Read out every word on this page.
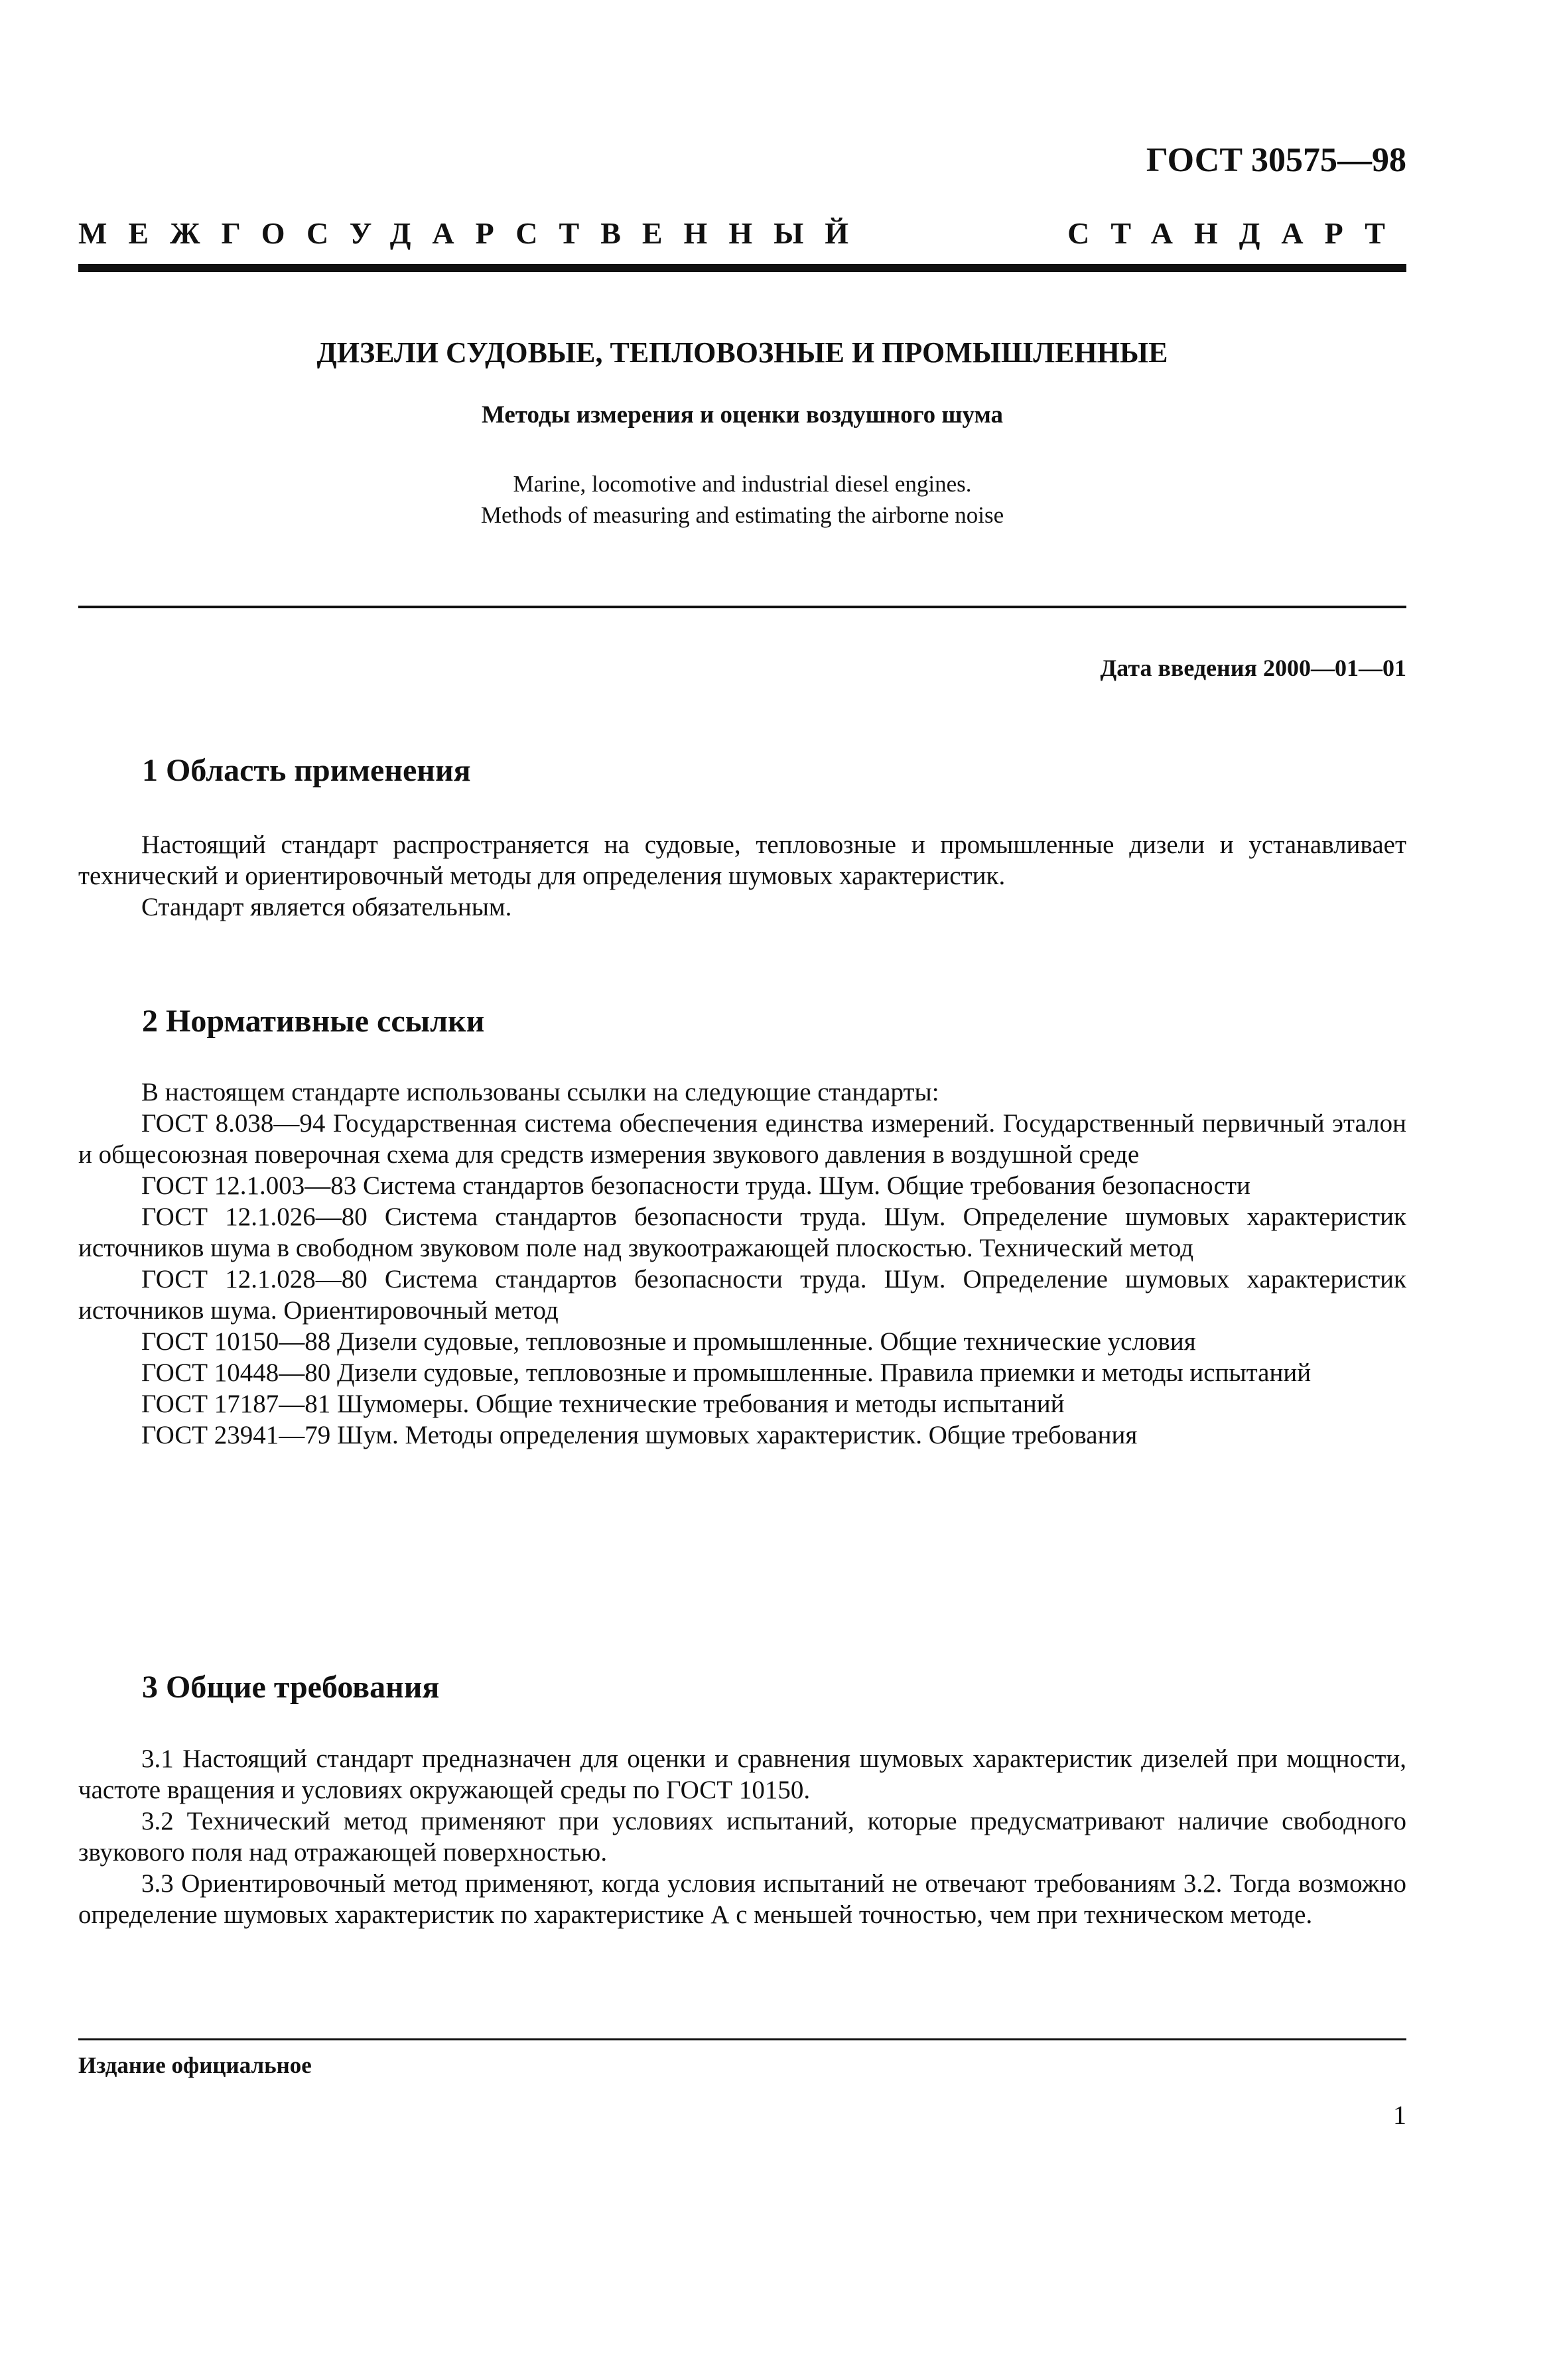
ГОСТ 30575—98
МЕЖГОСУДАРСТВЕННЫЙ	СТАНДАРТ
ДИЗЕЛИ СУДОВЫЕ, ТЕПЛОВОЗНЫЕ И ПРОМЫШЛЕННЫЕ
Методы измерения и оценки воздушного шума
Marine, locomotive and industrial diesel engines.
Methods of measuring and estimating the airborne noise
Дата введения 2000—01—01
1 Область применения

Настоящий стандарт распространяется на судовые, тепловозные и промышленные дизели и устанавливает технический и ориентировочный методы для определения шумовых характеристик.

Стандарт является обязательным.

2 Нормативные ссылки

В настоящем стандарте использованы ссылки на следующие стандарты:

ГОСТ 8.038—94 Государственная система обеспечения единства измерений. Государственный первичный эталон и общесоюзная поверочная схема для средств измерения звукового давления в воздушной среде

ГОСТ 12.1.003—83 Система стандартов безопасности труда. Шум. Общие требования безопасности

ГОСТ 12.1.026—80 Система стандартов безопасности труда. Шум. Определение шумовых характеристик источников шума в свободном звуковом поле над звукоотражающей плоскостью. Технический метод

ГОСТ 12.1.028—80 Система стандартов безопасности труда. Шум. Определение шумовых характеристик источников шума. Ориентировочный метод

ГОСТ 10150—88 Дизели судовые, тепловозные и промышленные. Общие технические условия

ГОСТ 10448—80 Дизели судовые, тепловозные и промышленные. Правила приемки и методы испытаний

ГОСТ 17187—81 Шумомеры. Общие технические требования и методы испытаний

ГОСТ 23941—79 Шум. Методы определения шумовых характеристик. Общие требования

3 Общие требования

3.1 Настоящий стандарт предназначен для оценки и сравнения шумовых характеристик дизелей при мощности, частоте вращения и условиях окружающей среды по ГОСТ 10150.

3.2 Технический метод применяют при условиях испытаний, которые предусматривают наличие свободного звукового поля над отражающей поверхностью.

3.3 Ориентировочный метод применяют, когда условия испытаний не отвечают требованиям 3.2. Тогда возможно определение шумовых характеристик по характеристике А с меньшей точностью, чем при техническом методе.

Издание официальное
1
